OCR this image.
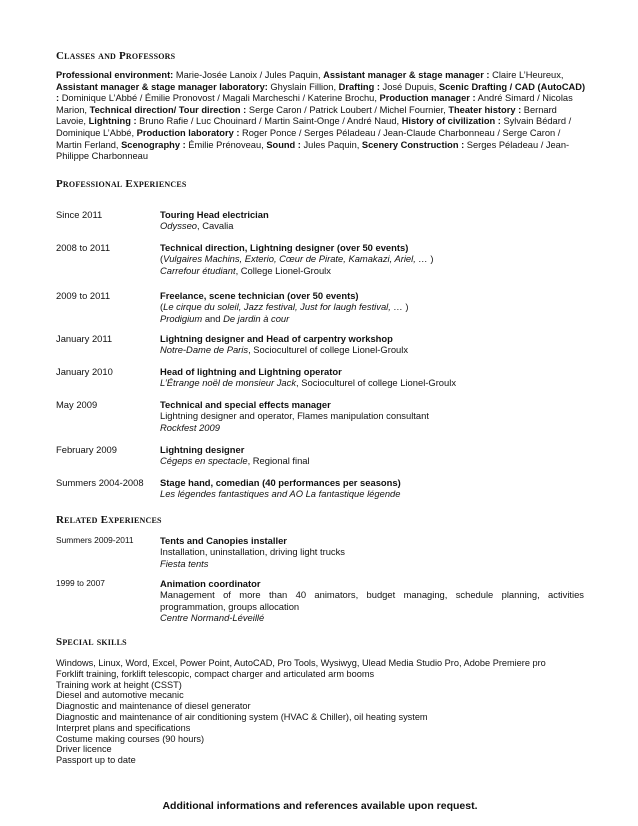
Classes and Professors
Professional environment: Marie-Josée Lanoix / Jules Paquin, Assistant manager & stage manager : Claire L’Heureux, Assistant manager & stage manager laboratory: Ghyslain Fillion, Drafting : José Dupuis, Scenic Drafting / CAD (AutoCAD) : Dominique L’Abbé / Émilie Pronovost / Magali Marcheschi / Katerine Brochu, Production manager : André Simard / Nicolas Marion, Technical direction/ Tour direction : Serge Caron / Patrick Loubert / Michel Fournier, Theater history : Bernard Lavoie, Lightning : Bruno Rafie / Luc Chouinard / Martin Saint-Onge / André Naud, History of civilization : Sylvain Bédard / Dominique L’Abbé, Production laboratory : Roger Ponce / Serges Péladeau / Jean-Claude Charbonneau / Serge Caron / Martin Ferland, Scenography : Émilie Prénoveau, Sound : Jules Paquin, Scenery Construction : Serges Péladeau / Jean-Philippe Charbonneau
Professional Experiences
Since 2011	Touring Head electrician
Odysseo, Cavalia
2008 to 2011	Technical direction, Lightning designer (over 50 events)
(Vulgaires Machins, Exterio, Cœur de Pirate, Kamakazi, Ariel, … )
Carrefour étudiant, College Lionel-Groulx
2009 to 2011	Freelance, scene technician (over 50 events)
(Le cirque du soleil, Jazz festival, Just for laugh festival, … )
Prodigium and De jardin à cour
January 2011	Lightning designer and Head of carpentry workshop
Notre-Dame de Paris, Socioculturel of college Lionel-Groulx
January 2010	Head of lightning and Lightning operator
L’Étrange noël de monsieur Jack, Socioculturel of college Lionel-Groulx
May 2009	Technical and special effects manager
Lightning designer and operator, Flames manipulation consultant
Rockfest 2009
February 2009	Lightning designer
Cégeps en spectacle, Regional final
Summers 2004-2008	Stage hand, comedian (40 performances per seasons)
Les légendes fantastiques and AO La fantastique légende
Related Experiences
Summers 2009-2011	Tents and Canopies installer
Installation, uninstallation, driving light trucks
Fiesta tents
1999 to 2007	Animation coordinator
Management of more than 40 animators, budget managing, schedule planning, activities programmation, groups allocation
Centre Normand-Léveillé
Special skills
Windows, Linux, Word, Excel, Power Point, AutoCAD, Pro Tools, Wysiwyg, Ulead Media Studio Pro, Adobe Premiere pro
Forklift training, forklift telescopic, compact charger and articulated arm booms
Training work at height (CSST)
Diesel and automotive mecanic
Diagnostic and maintenance of diesel generator
Diagnostic and maintenance of air conditioning system (HVAC & Chiller), oil heating system
Interpret plans and specifications
Costume making courses (90 hours)
Driver licence
Passport up to date
Additional informations and references available upon request.
